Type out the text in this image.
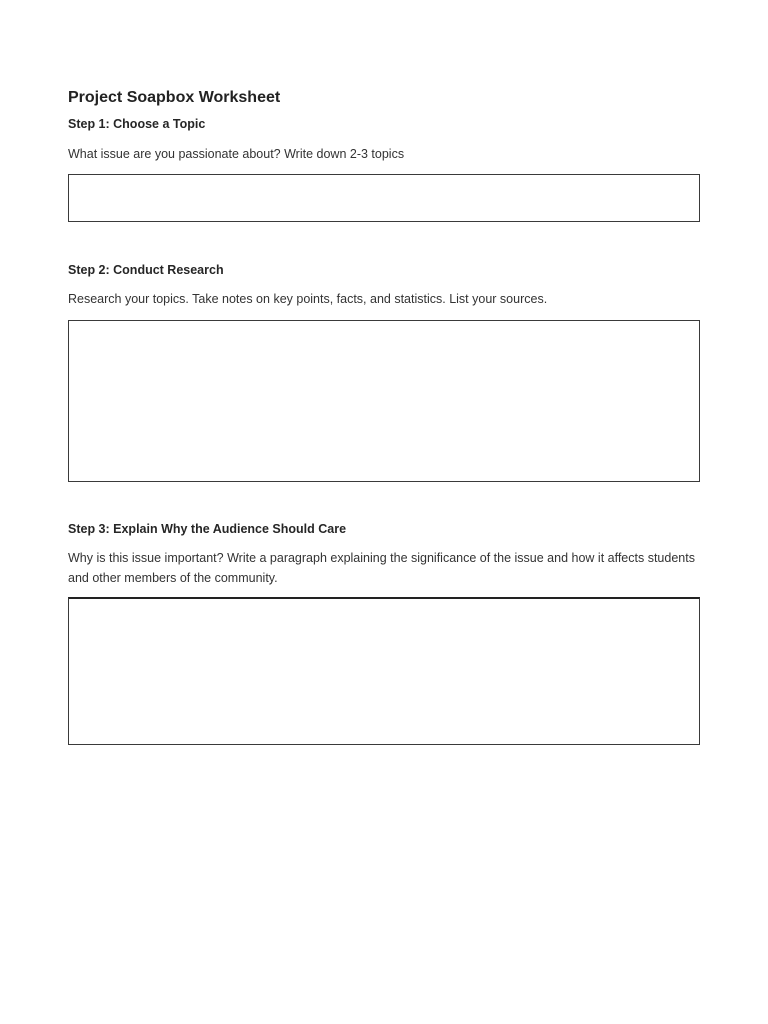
Project Soapbox Worksheet
Step 1: Choose a Topic
What issue are you passionate about? Write down 2-3 topics
Step 2: Conduct Research
Research your topics. Take notes on key points, facts, and statistics. List your sources.
Step 3: Explain Why the Audience Should Care
Why is this issue important? Write a paragraph explaining the significance of the issue and how it affects students and other members of the community.
